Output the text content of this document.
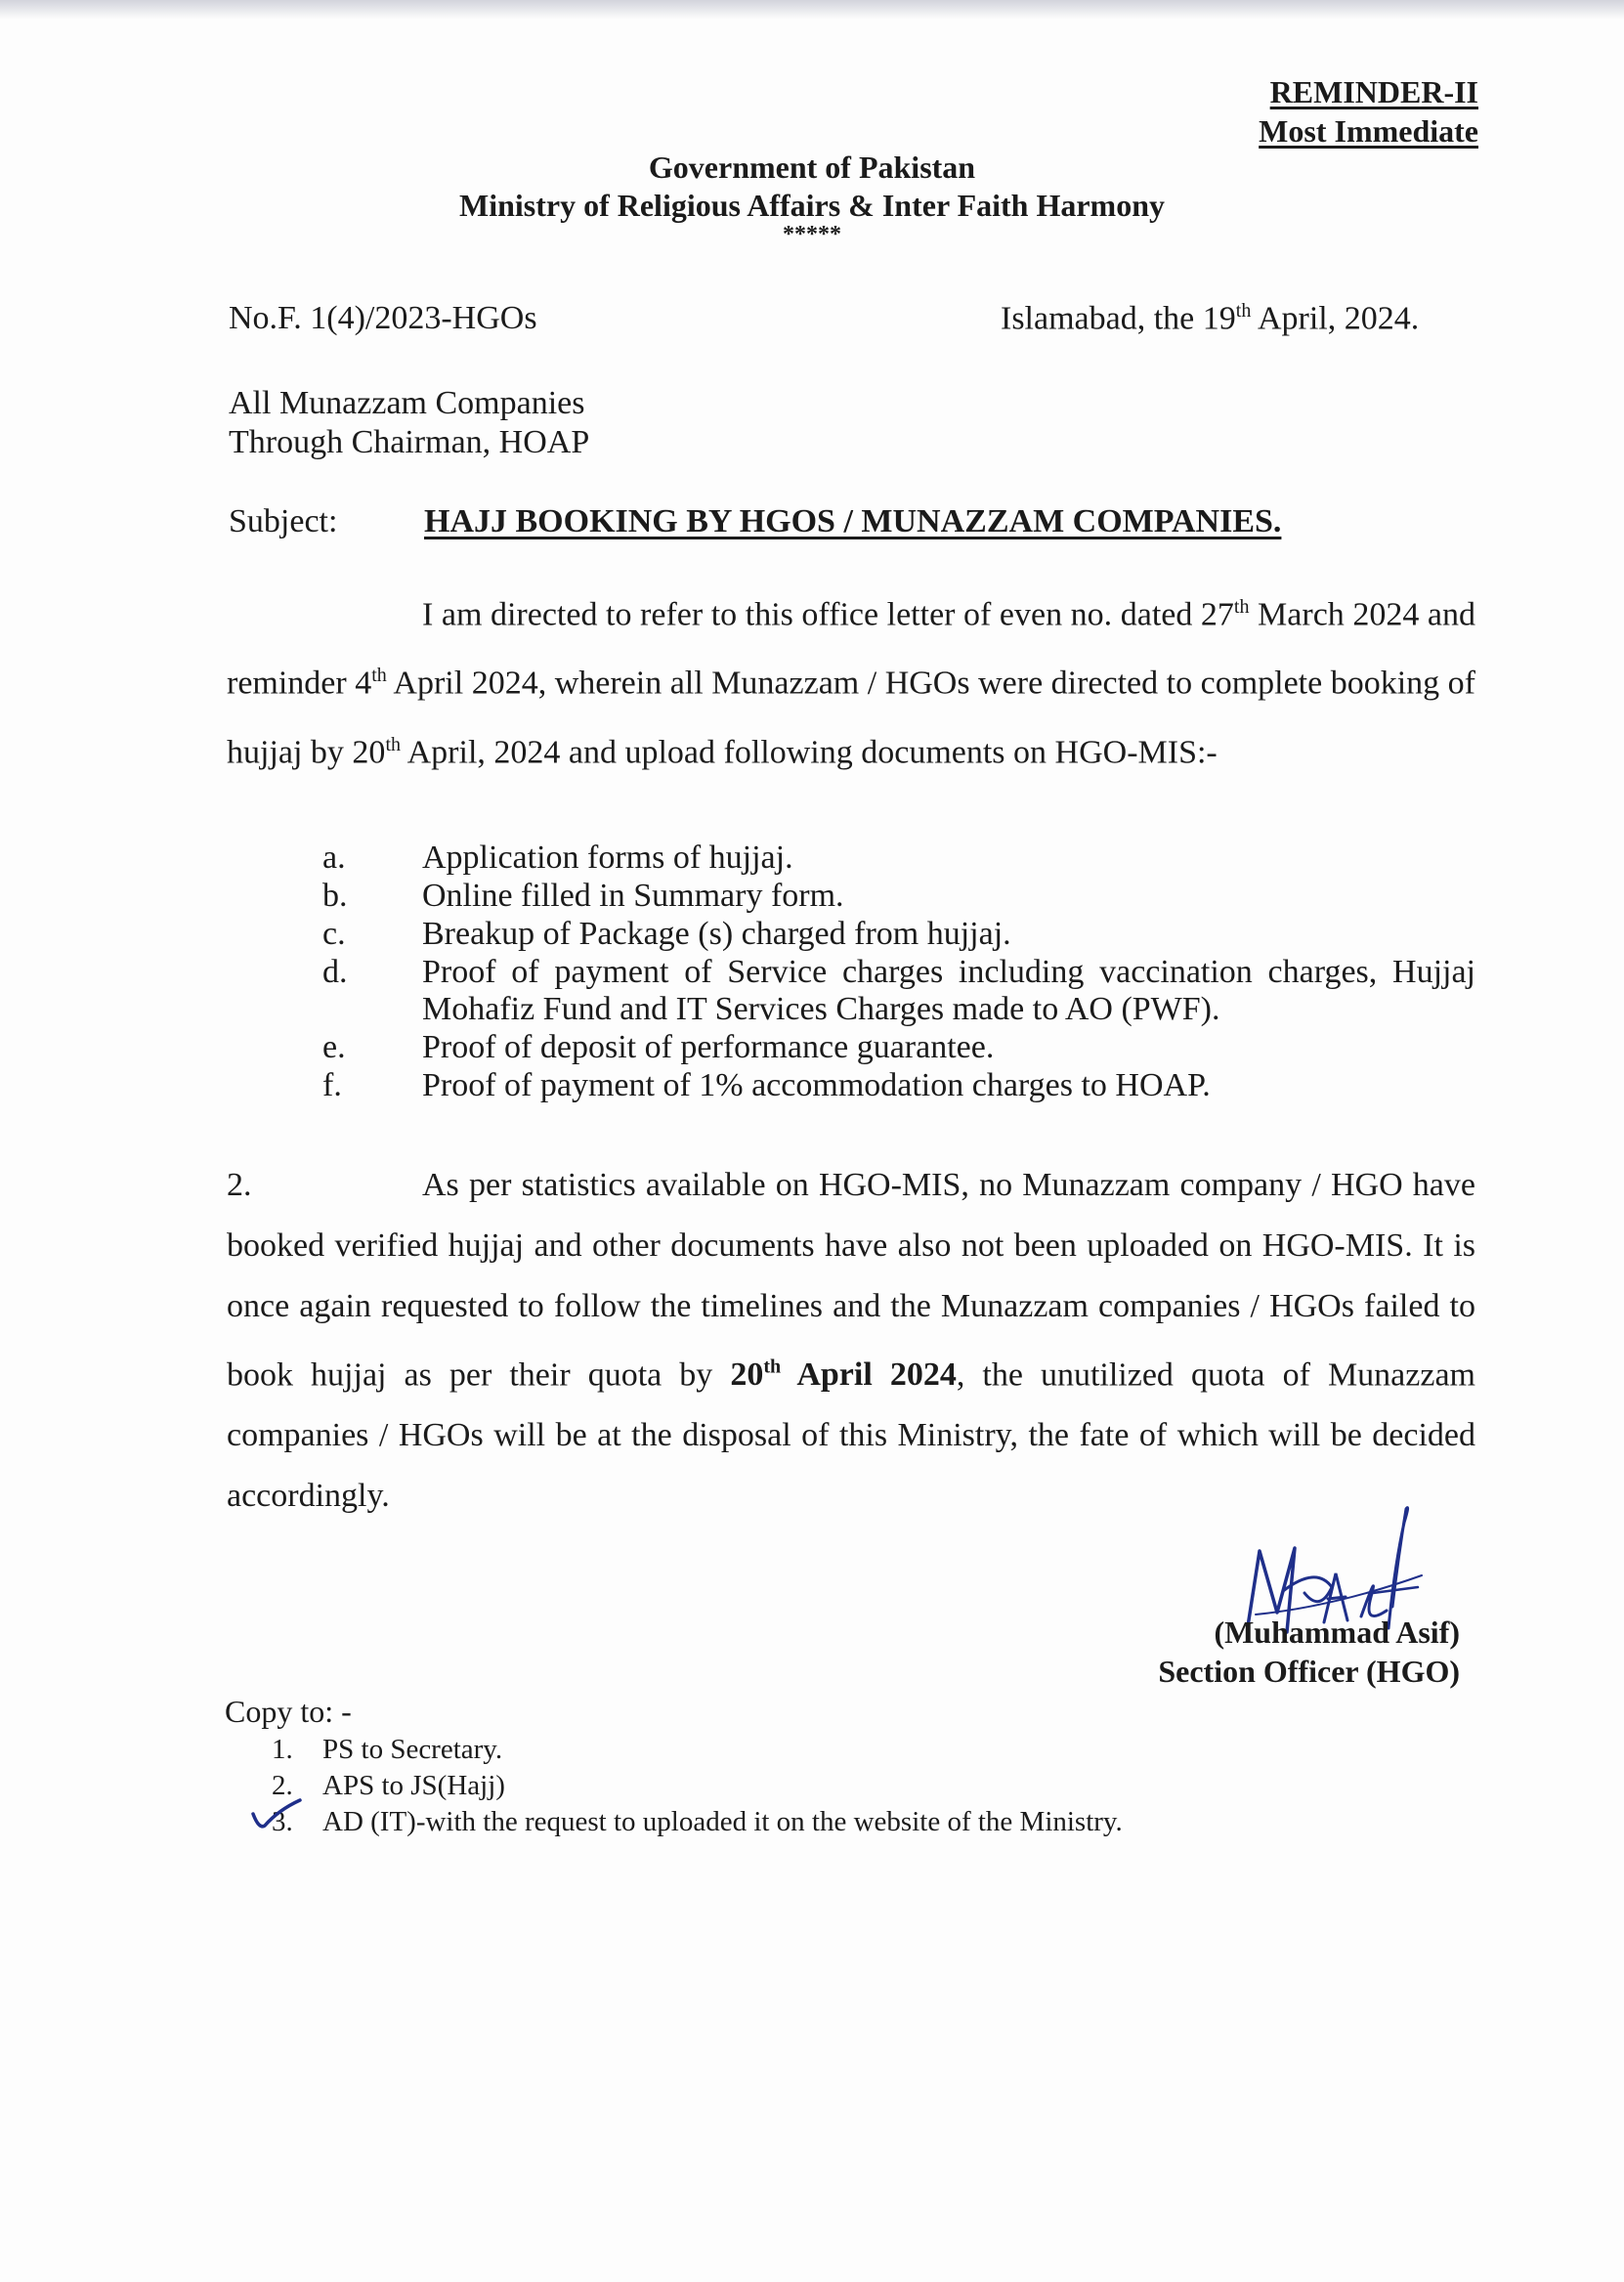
REMINDER-II
Most Immediate
Government of Pakistan
Ministry of Religious Affairs & Inter Faith Harmony
*****
No.F. 1(4)/2023-HGOs	Islamabad, the 19th April, 2024.
All Munazzam Companies
Through Chairman, HOAP
Subject:	HAJJ BOOKING BY HGOS / MUNAZZAM COMPANIES.

I am directed to refer to this office letter of even no. dated 27th March 2024 and reminder 4th April 2024, wherein all Munazzam / HGOs were directed to complete booking of hujjaj by 20th April, 2024 and upload following documents on HGO-MIS:-

a.	Application forms of hujjaj.
b.	Online filled in Summary form.
c.	Breakup of Package (s) charged from hujjaj.
d.	Proof of payment of Service charges including vaccination charges, Hujjaj Mohafiz Fund and IT Services Charges made to AO (PWF).
e.	Proof of deposit of performance guarantee.
f.	Proof of payment of 1% accommodation charges to HOAP.

2.	As per statistics available on HGO-MIS, no Munazzam company / HGO have booked verified hujjaj and other documents have also not been uploaded on HGO-MIS. It is once again requested to follow the timelines and the Munazzam companies / HGOs failed to book hujjaj as per their quota by 20th April 2024, the unutilized quota of Munazzam companies / HGOs will be at the disposal of this Ministry, the fate of which will be decided accordingly.

(Muhammad Asif)
Section Officer (HGO)
Copy to: -
1.	PS to Secretary.
2.	APS to JS(Hajj)
3.	AD (IT)-with the request to uploaded it on the website of the Ministry.
